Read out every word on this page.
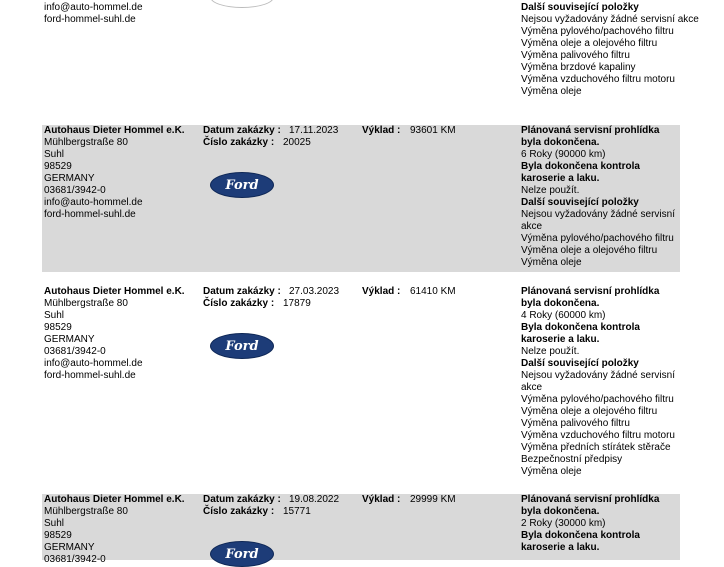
info@auto-hommel.de
ford-hommel-suhl.de
Další související položky
Nejsou vyžadovány žádné servisní akce
Výměna pylového/pachového filtru
Výměna oleje a olejového filtru
Výměna palivového filtru
Výměna brzdové kapaliny
Výměna vzduchového filtru motoru
Výměna oleje
Autohaus Dieter Hommel e.K.
Mühlbergstraße 80
Suhl
98529
GERMANY
03681/3942-0
info@auto-hommel.de
ford-hommel-suhl.de
Datum zakázky : 17.11.2023
Číslo zakázky : 20025
Výklad : 93601 KM
Ford
Plánovaná servisní prohlídka byla dokončena.
6 Roky (90000 km)
Byla dokončena kontrola karoserie a laku.
Nelze použít.
Další související položky
Nejsou vyžadovány žádné servisní akce
Výměna pylového/pachového filtru
Výměna oleje a olejového filtru
Výměna oleje
Autohaus Dieter Hommel e.K.
Mühlbergstraße 80
Suhl
98529
GERMANY
03681/3942-0
info@auto-hommel.de
ford-hommel-suhl.de
Datum zakázky : 27.03.2023
Číslo zakázky : 17879
Výklad : 61410 KM
Ford
Plánovaná servisní prohlídka byla dokončena.
4 Roky (60000 km)
Byla dokončena kontrola karoserie a laku.
Nelze použít.
Další související položky
Nejsou vyžadovány žádné servisní akce
Výměna pylového/pachového filtru
Výměna oleje a olejového filtru
Výměna palivového filtru
Výměna vzduchového filtru motoru
Výměna předních stírátek stěrače
Bezpečnostní předpisy
Výměna oleje
Autohaus Dieter Hommel e.K.
Mühlbergstraße 80
Suhl
98529
GERMANY
03681/3942-0
Datum zakázky : 19.08.2022
Číslo zakázky : 15771
Výklad : 29999 KM
Ford
Plánovaná servisní prohlídka byla dokončena.
2 Roky (30000 km)
Byla dokončena kontrola karoserie a laku.
